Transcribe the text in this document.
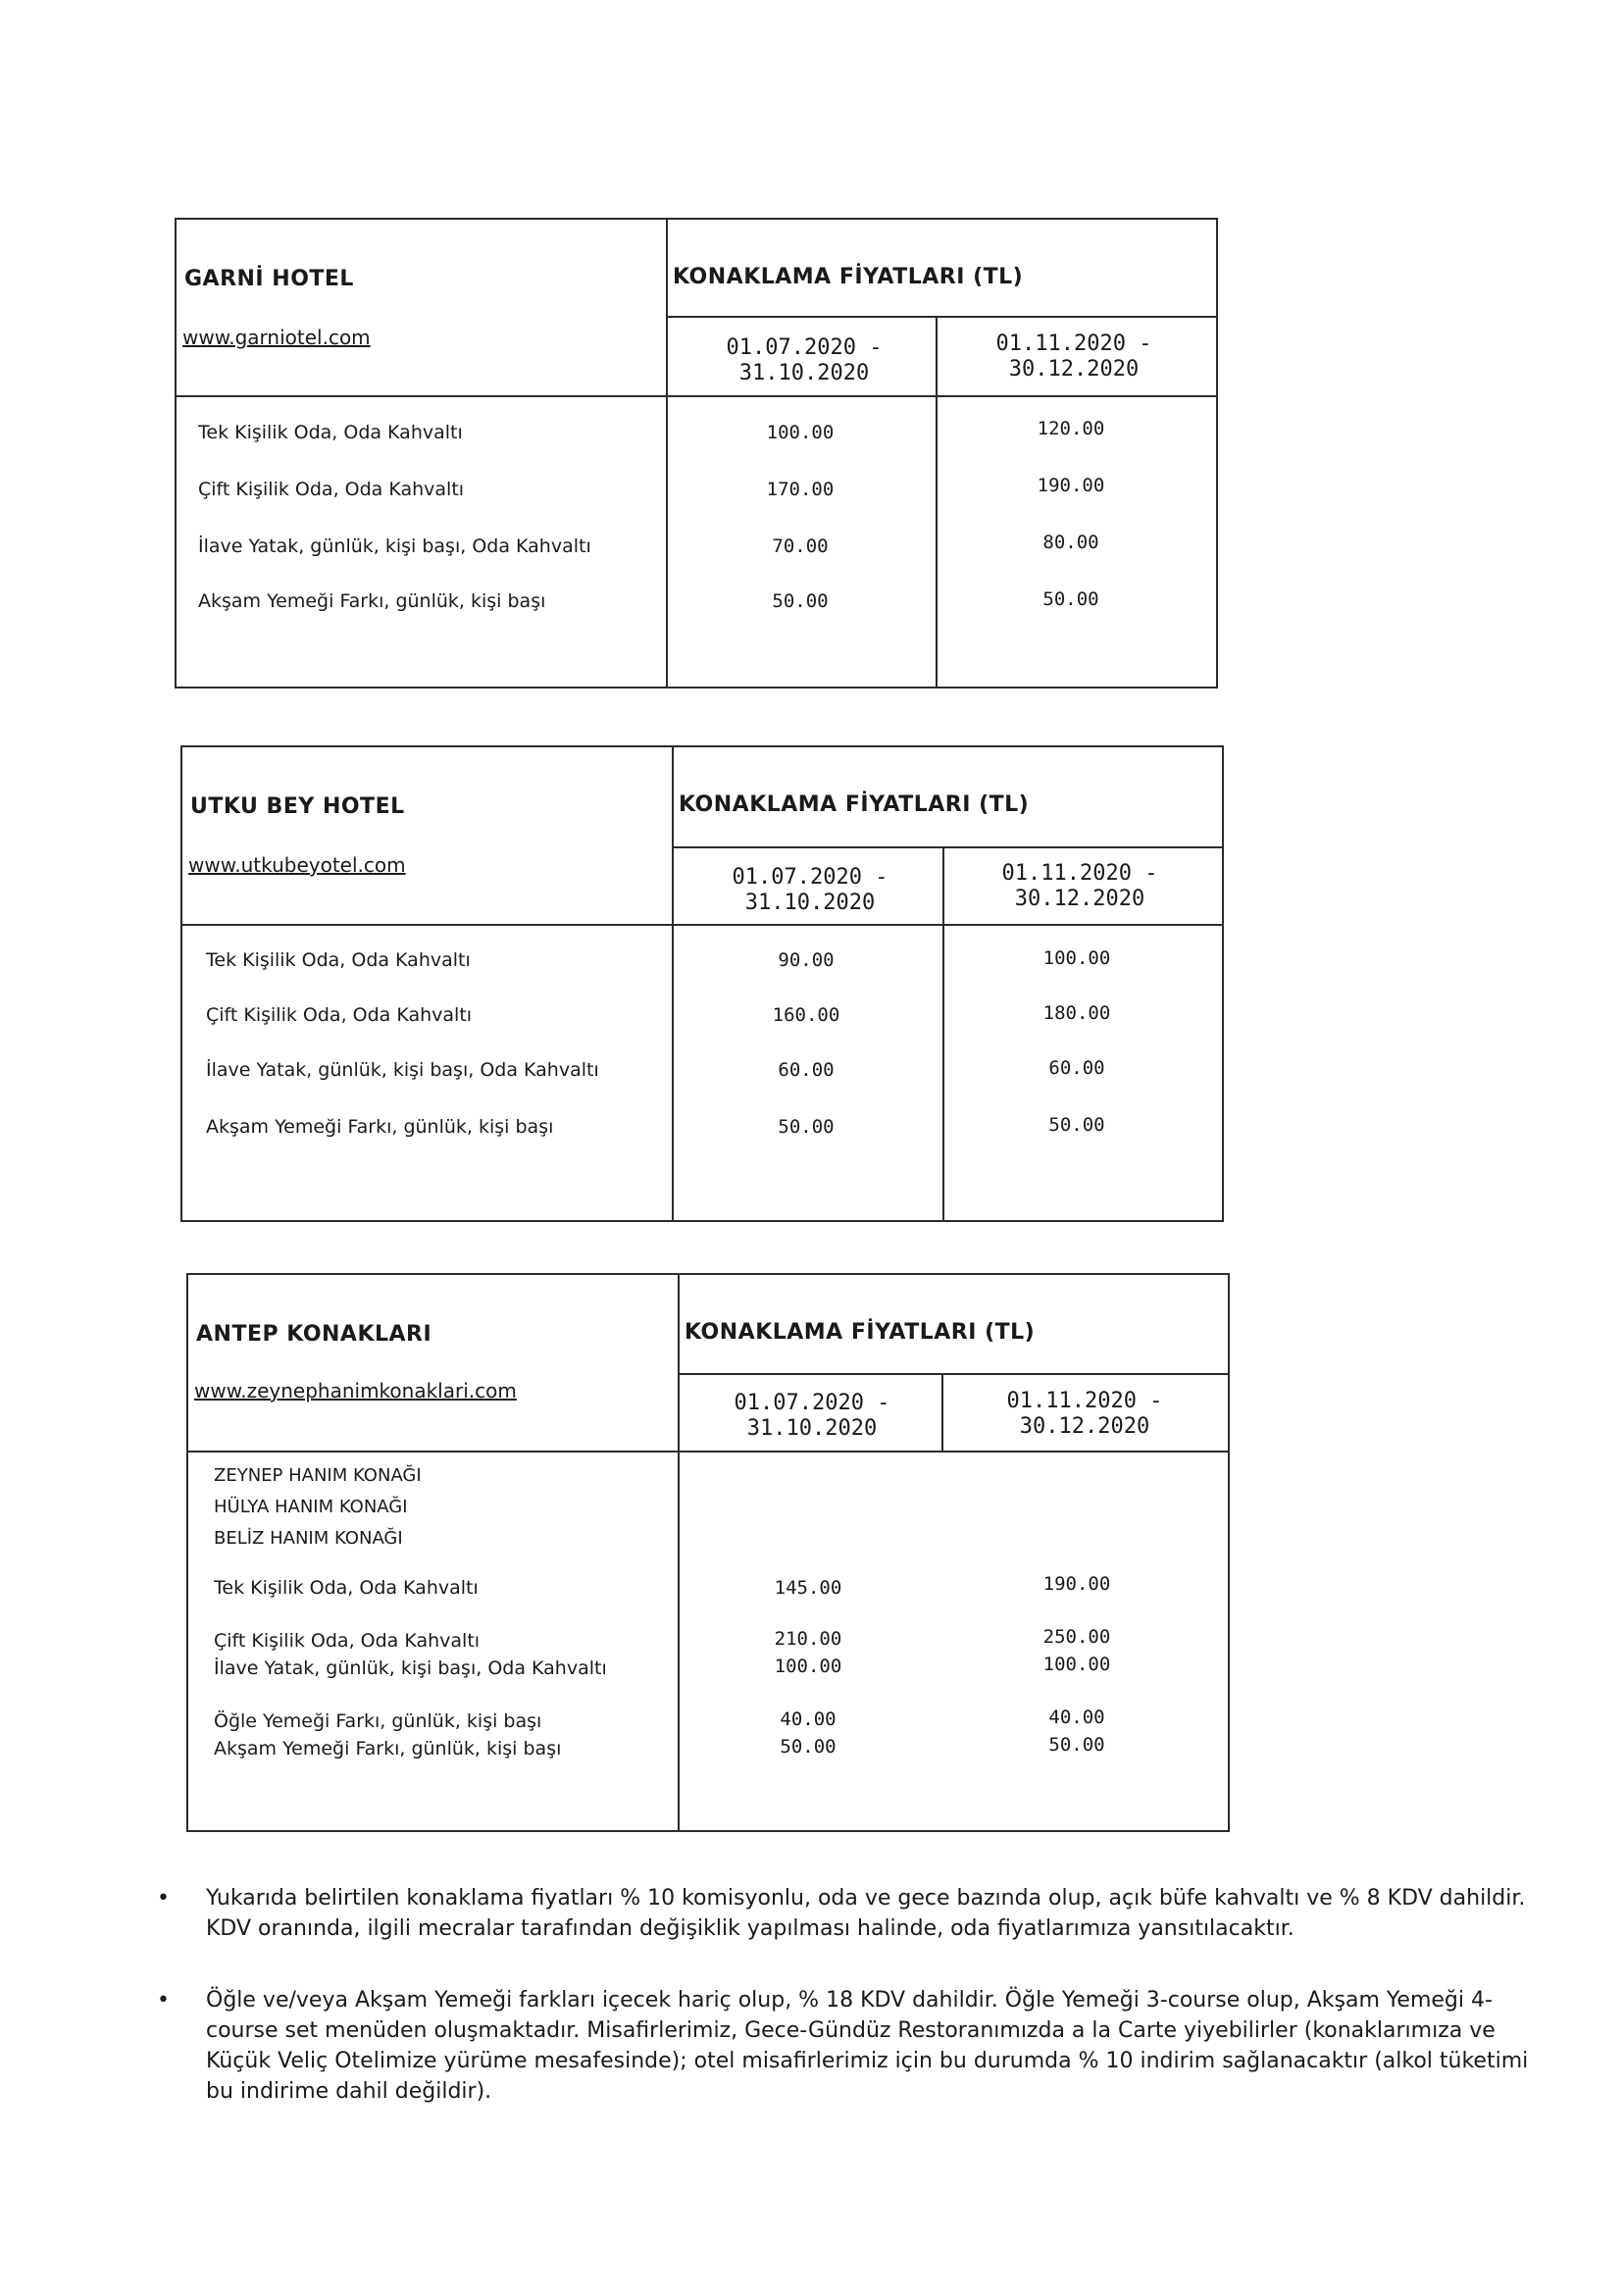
GARNİ HOTEL
www.garniotel.com
KONAKLAMA FİYATLARI (TL)
01.07.2020 -
31.10.2020
01.11.2020 -
30.12.2020
Tek Kişilik Oda, Oda Kahvaltı	100.00	120.00
Çift Kişilik Oda, Oda Kahvaltı	170.00	190.00
İlave Yatak, günlük, kişi başı, Oda Kahvaltı	70.00	80.00
Akşam Yemeği Farkı, günlük, kişi başı	50.00	50.00
UTKU BEY HOTEL
www.utkubeyotel.com
KONAKLAMA FİYATLARI (TL)
01.07.2020 -
31.10.2020
01.11.2020 -
30.12.2020
Tek Kişilik Oda, Oda Kahvaltı	90.00	100.00
Çift Kişilik Oda, Oda Kahvaltı	160.00	180.00
İlave Yatak, günlük, kişi başı, Oda Kahvaltı	60.00	60.00
Akşam Yemeği Farkı, günlük, kişi başı	50.00	50.00
ANTEP KONAKLARI
www.zeynephanimkonaklari.com
KONAKLAMA FİYATLARI (TL)
01.07.2020 -
31.10.2020
01.11.2020 -
30.12.2020
ZEYNEP HANIM KONAĞI
HÜLYA HANIM KONAĞI
BELİZ HANIM KONAĞI
Tek Kişilik Oda, Oda Kahvaltı	145.00	190.00
Çift Kişilik Oda, Oda Kahvaltı	210.00	250.00
İlave Yatak, günlük, kişi başı, Oda Kahvaltı	100.00	100.00
Öğle Yemeği Farkı, günlük, kişi başı	40.00	40.00
Akşam Yemeği Farkı, günlük, kişi başı	50.00	50.00
• Yukarıda belirtilen konaklama fiyatları % 10 komisyonlu, oda ve gece bazında olup, açık büfe kahvaltı ve % 8 KDV dahildir. KDV oranında, ilgili mecralar tarafından değişiklik yapılması halinde, oda fiyatlarımıza yansıtılacaktır.
• Öğle ve/veya Akşam Yemeği farkları içecek hariç olup, % 18 KDV dahildir. Öğle Yemeği 3-course olup, Akşam Yemeği 4-course set menüden oluşmaktadır. Misafirlerimiz, Gece-Gündüz Restoranımızda a la Carte yiyebilirler (konaklarımıza ve Küçük Veliç Otelimize yürüme mesafesinde); otel misafirlerimiz için bu durumda % 10 indirim sağlanacaktır (alkol tüketimi bu indirime dahil değildir).
